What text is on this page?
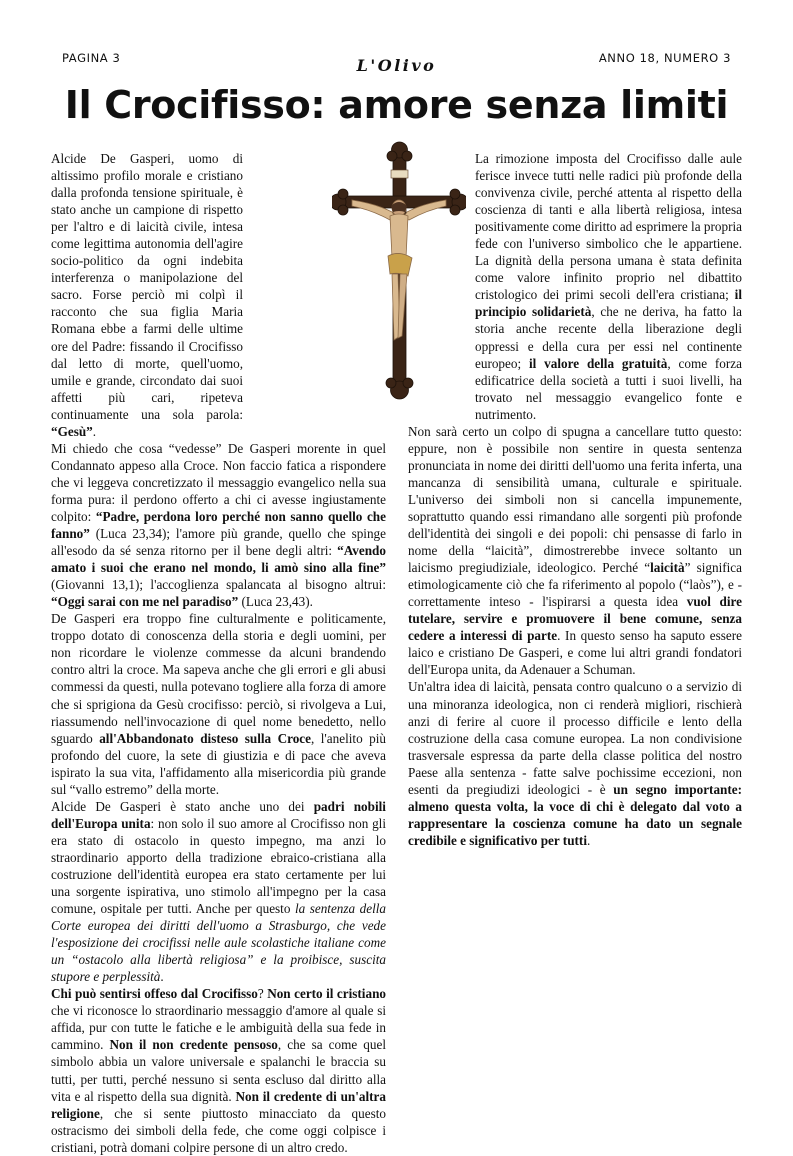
PAGINA 3	L'Olivo	ANNO 18, NUMERO 3
Il Crocifisso: amore senza limiti

Alcide De Gasperi, uomo di altissimo profilo morale e cristiano dalla profonda tensione spirituale, è stato anche un campione di rispetto per l'altro e di laicità civile, intesa come legittima autonomia dell'agire socio-politico da ogni indebita interferenza o manipolazione del sacro. Forse perciò mi colpì il racconto che sua figlia Maria Romana ebbe a farmi delle ultime ore del Padre: fissando il Crocifisso dal letto di morte, quell'uomo, umile e grande, circondato dai suoi affetti più cari, ripeteva continuamente una sola parola: “Gesù”.

Mi chiedo che cosa “vedesse” De Gasperi morente in quel Condannato appeso alla Croce. Non faccio fatica a rispondere che vi leggeva concretizzato il messaggio evangelico nella sua forma pura: il perdono offerto a chi ci avesse ingiustamente colpito: “Padre, perdona loro perché non sanno quello che fanno” (Luca 23,34); l'amore più grande, quello che spinge all'esodo da sé senza ritorno per il bene degli altri: “Avendo amato i suoi che erano nel mondo, li amò sino alla fine” (Giovanni 13,1); l'accoglienza spalancata al bisogno altrui: “Oggi sarai con me nel paradiso” (Luca 23,43).

De Gasperi era troppo fine culturalmente e politicamente, troppo dotato di conoscenza della storia e degli uomini, per non ricordare le violenze commesse da alcuni brandendo contro altri la croce. Ma sapeva anche che gli errori e gli abusi commessi da questi, nulla potevano togliere alla forza di amore che si sprigiona da Gesù crocifisso: perciò, si rivolgeva a Lui, riassumendo nell'invocazione di quel nome benedetto, nello sguardo all'Abbandonato disteso sulla Croce, l'anelito più profondo del cuore, la sete di giustizia e di pace che aveva ispirato la sua vita, l'affidamento alla misericordia più grande sul “vallo estremo” della morte.

Alcide De Gasperi è stato anche uno dei padri nobili dell'Europa unita: non solo il suo amore al Crocifisso non gli era stato di ostacolo in questo impegno, ma anzi lo straordinario apporto della tradizione ebraico-cristiana alla costruzione dell'identità europea era stato certamente per lui una sorgente ispirativa, uno stimolo all'impegno per la casa comune, ospitale per tutti. Anche per questo la sentenza della Corte europea dei diritti dell'uomo a Strasburgo, che vede l'esposizione dei crocifissi nelle aule scolastiche italiane come un “ostacolo alla libertà religiosa” e la proibisce, suscita stupore e perplessità.

Chi può sentirsi offeso dal Crocifisso? Non certo il cristiano che vi riconosce lo straordinario messaggio d'amore al quale si affida, pur con tutte le fatiche e le ambiguità della sua fede in cammino. Non il non credente pensoso, che sa come quel simbolo abbia un valore universale e spalanchi le braccia su tutti, per tutti, perché nessuno si senta escluso dal diritto alla vita e al rispetto della sua dignità. Non il credente di un'altra religione, che si sente piuttosto minacciato da questo ostracismo dei simboli della fede, che come oggi colpisce i cristiani, potrà domani colpire persone di un altro credo.

La rimozione imposta del Crocifisso dalle aule ferisce invece tutti nelle radici più profonde della convivenza civile, perché attenta al rispetto della coscienza di tanti e alla libertà religiosa, intesa positivamente come diritto ad esprimere la propria fede con l'universo simbolico che le appartiene. La dignità della persona umana è stata definita come valore infinito proprio nel dibattito cristologico dei primi secoli dell'era cristiana; il principio solidarietà, che ne deriva, ha fatto la storia anche recente della liberazione degli oppressi e della cura per essi nel continente europeo; il valore della gratuità, come forza edificatrice della società a tutti i suoi livelli, ha trovato nel messaggio evangelico fonte e nutrimento.

Non sarà certo un colpo di spugna a cancellare tutto questo: eppure, non è possibile non sentire in questa sentenza pronunciata in nome dei diritti dell'uomo una ferita inferta, una mancanza di sensibilità umana, culturale e spirituale. L'universo dei simboli non si cancella impunemente, soprattutto quando essi rimandano alle sorgenti più profonde dell'identità dei singoli e dei popoli: chi pensasse di farlo in nome della “laicità”, dimostrerebbe invece soltanto un laicismo pregiudiziale, ideologico. Perché “laicità” significa etimologicamente ciò che fa riferimento al popolo (“laòs”), e - correttamente inteso - l'ispirarsi a questa idea vuol dire tutelare, servire e promuovere il bene comune, senza cedere a interessi di parte. In questo senso ha saputo essere laico e cristiano De Gasperi, e come lui altri grandi fondatori dell'Europa unita, da Adenauer a Schuman.

Un'altra idea di laicità, pensata contro qualcuno o a servizio di una minoranza ideologica, non ci renderà migliori, rischierà anzi di ferire al cuore il processo difficile e lento della costruzione della casa comune europea. La non condivisione trasversale espressa da parte della classe politica del nostro Paese alla sentenza - fatte salve pochissime eccezioni, non esenti da pregiudizi ideologici - è un segno importante: almeno questa volta, la voce di chi è delegato dal voto a rappresentare la coscienza comune ha dato un segnale credibile e significativo per tutti.
